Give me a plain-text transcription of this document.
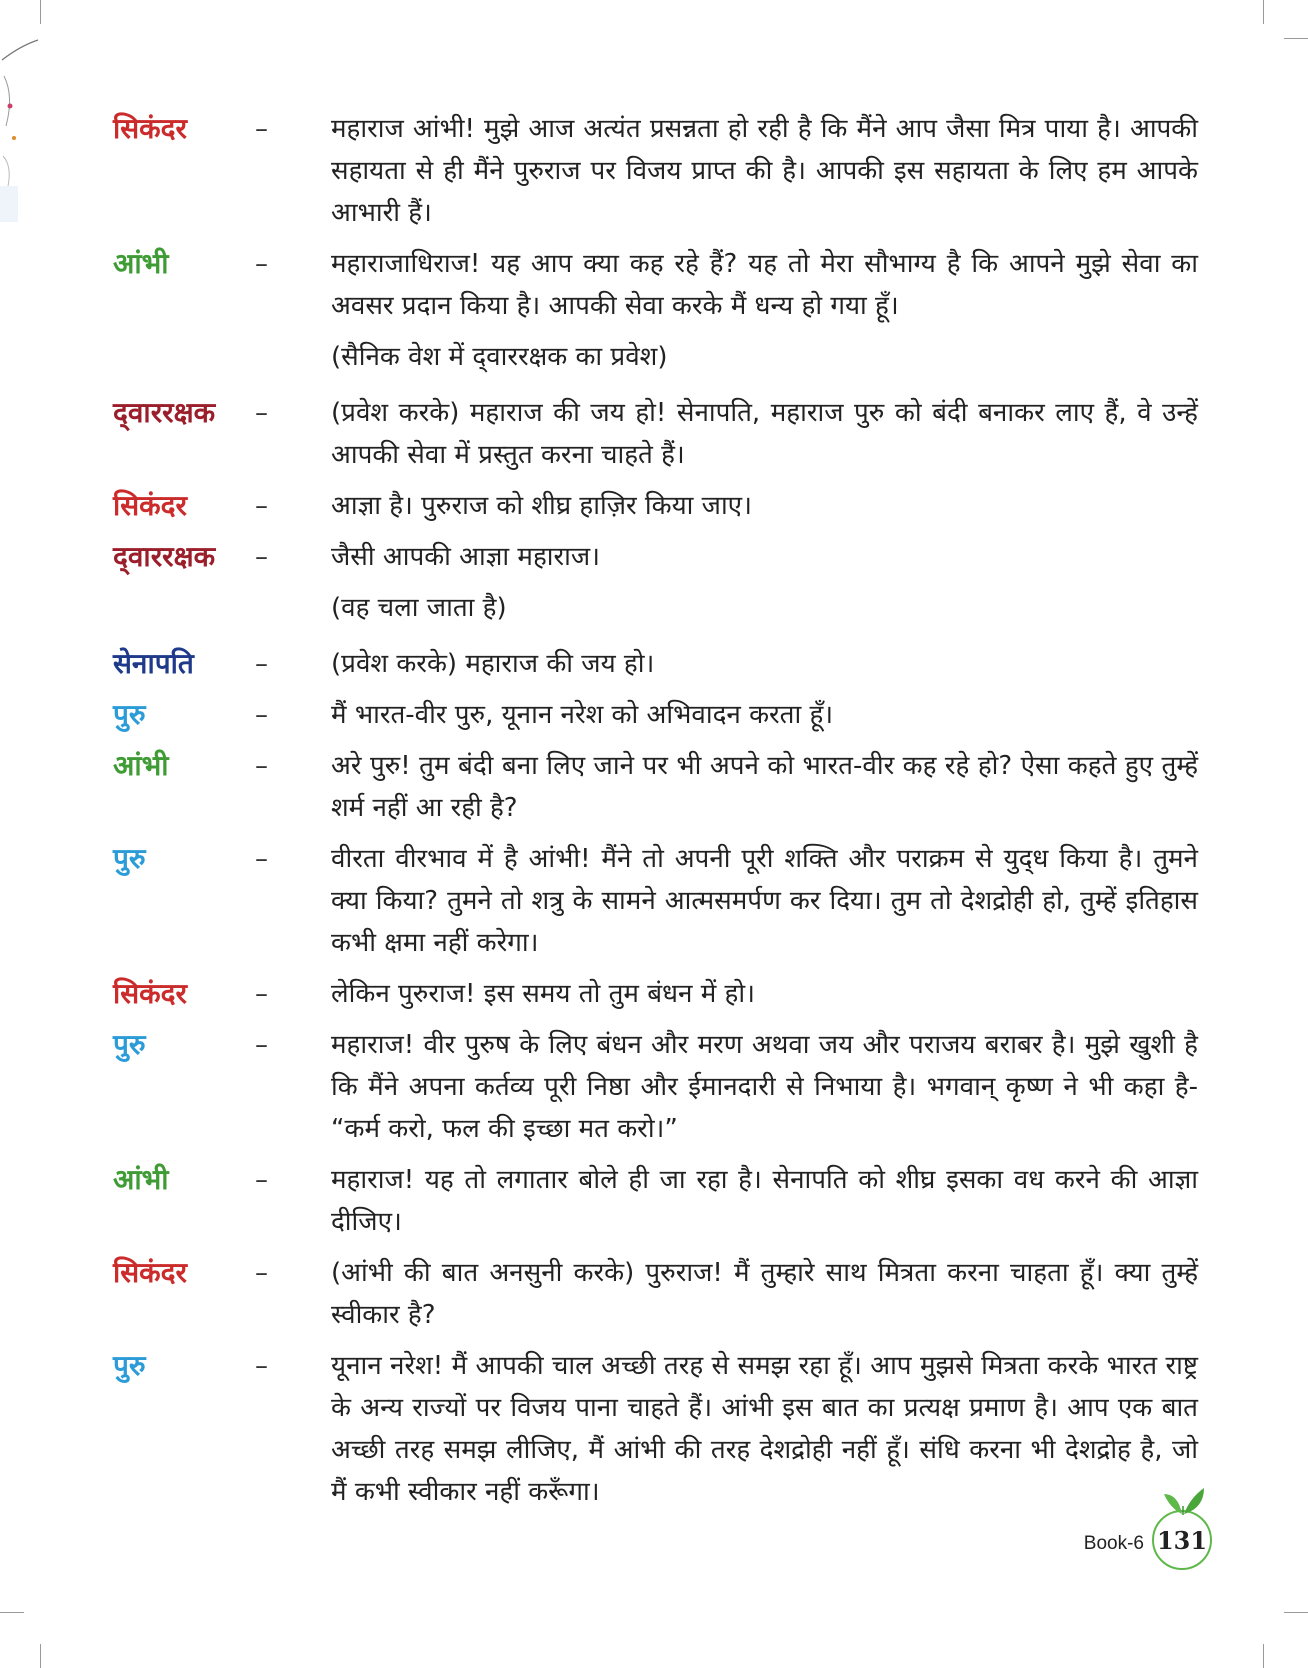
सिकंदर	–	महाराज आंभी! मुझे आज अत्यंत प्रसन्नता हो रही है कि मैंने आप जैसा मित्र पाया है। आपकी सहायता से ही मैंने पुरुराज पर विजय प्राप्त की है। आपकी इस सहायता के लिए हम आपके आभारी हैं।
आंभी	–	महाराजाधिराज! यह आप क्या कह रहे हैं? यह तो मेरा सौभाग्य है कि आपने मुझे सेवा का अवसर प्रदान किया है। आपकी सेवा करके मैं धन्य हो गया हूँ।
(सैनिक वेश में द्‌वाररक्षक का प्रवेश)
द्‌वाररक्षक	–	(प्रवेश करके) महाराज की जय हो! सेनापति, महाराज पुरु को बंदी बनाकर लाए हैं, वे उन्हें आपकी सेवा में प्रस्तुत करना चाहते हैं।
सिकंदर	–	आज्ञा है। पुरुराज को शीघ्र हाज़िर किया जाए।
द्‌वाररक्षक	–	जैसी आपकी आज्ञा महाराज।
(वह चला जाता है)
सेनापति	–	(प्रवेश करके) महाराज की जय हो।
पुरु	–	मैं भारत-वीर पुरु, यूनान नरेश को अभिवादन करता हूँ।
आंभी	–	अरे पुरु! तुम बंदी बना लिए जाने पर भी अपने को भारत-वीर कह रहे हो? ऐसा कहते हुए तुम्हें शर्म नहीं आ रही है?
पुरु	–	वीरता वीरभाव में है आंभी! मैंने तो अपनी पूरी शक्ति और पराक्रम से युद्‌ध किया है। तुमने क्या किया? तुमने तो शत्रु के सामने आत्मसमर्पण कर दिया। तुम तो देशद्रोही हो, तुम्हें इतिहास कभी क्षमा नहीं करेगा।
सिकंदर	–	लेकिन पुरुराज! इस समय तो तुम बंधन में हो।
पुरु	–	महाराज! वीर पुरुष के लिए बंधन और मरण अथवा जय और पराजय बराबर है। मुझे खुशी है कि मैंने अपना कर्तव्य पूरी निष्ठा और ईमानदारी से निभाया है। भगवान् कृष्ण ने भी कहा है- “कर्म करो, फल की इच्छा मत करो।”
आंभी	–	महाराज! यह तो लगातार बोले ही जा रहा है। सेनापति को शीघ्र इसका वध करने की आज्ञा दीजिए।
सिकंदर	–	(आंभी की बात अनसुनी करके) पुरुराज! मैं तुम्हारे साथ मित्रता करना चाहता हूँ। क्या तुम्हें स्वीकार है?
पुरु	–	यूनान नरेश! मैं आपकी चाल अच्छी तरह से समझ रहा हूँ। आप मुझसे मित्रता करके भारत राष्ट्र के अन्य राज्यों पर विजय पाना चाहते हैं। आंभी इस बात का प्रत्यक्ष प्रमाण है। आप एक बात अच्छी तरह समझ लीजिए, मैं आंभी की तरह देशद्रोही नहीं हूँ। संधि करना भी देशद्रोह है, जो मैं कभी स्वीकार नहीं करूँगा।
Book-6 131
